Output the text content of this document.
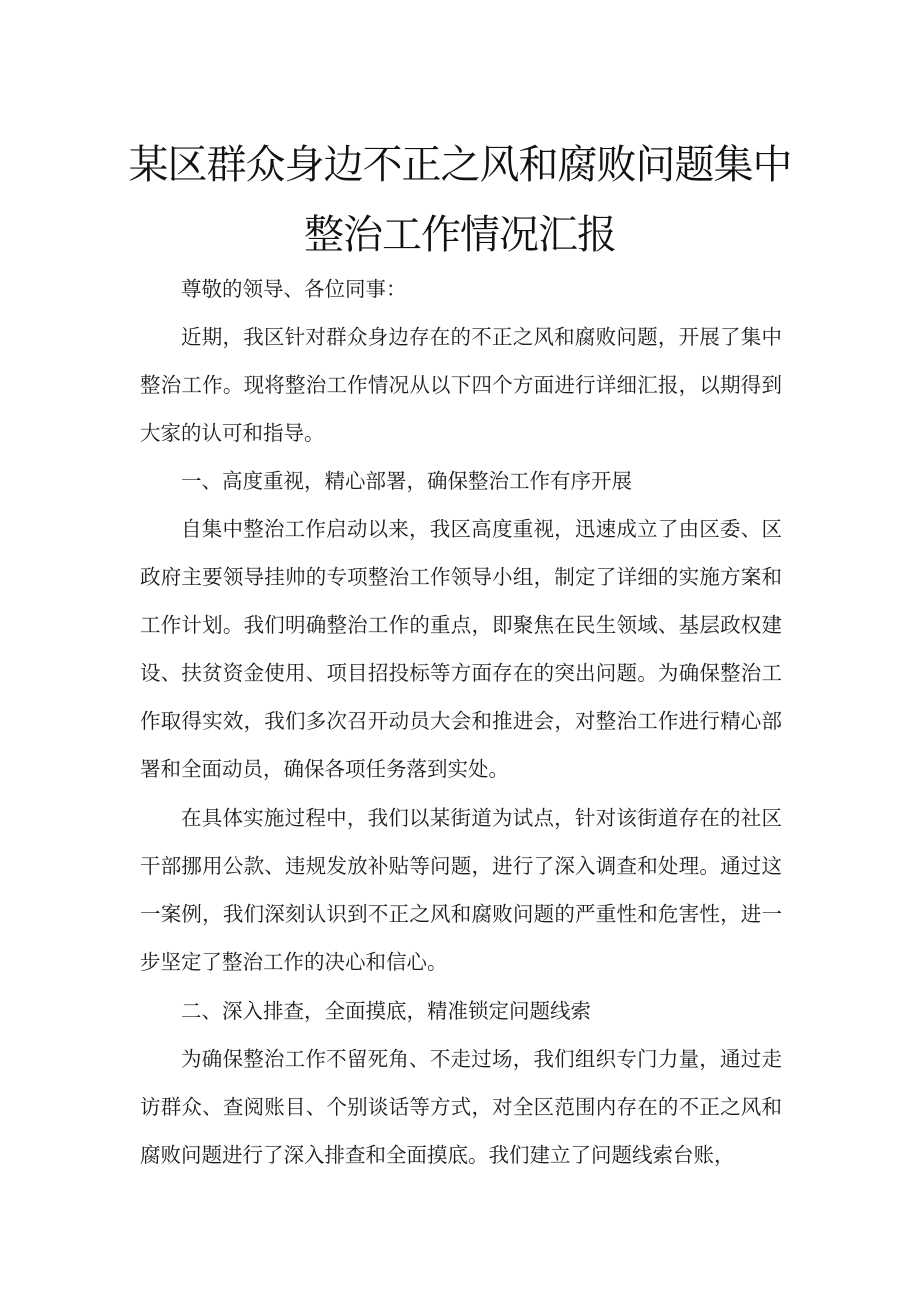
某区群众身边不正之风和腐败问题集中
整治工作情况汇报

尊敬的领导、各位同事：

近期，我区针对群众身边存在的不正之风和腐败问题，开展了集中整治工作。现将整治工作情况从以下四个方面进行详细汇报，以期得到大家的认可和指导。

一、高度重视，精心部署，确保整治工作有序开展

自集中整治工作启动以来，我区高度重视，迅速成立了由区委、区政府主要领导挂帅的专项整治工作领导小组，制定了详细的实施方案和工作计划。我们明确整治工作的重点，即聚焦在民生领域、基层政权建设、扶贫资金使用、项目招投标等方面存在的突出问题。为确保整治工作取得实效，我们多次召开动员大会和推进会，对整治工作进行精心部署和全面动员，确保各项任务落到实处。

在具体实施过程中，我们以某街道为试点，针对该街道存在的社区干部挪用公款、违规发放补贴等问题，进行了深入调查和处理。通过这一案例，我们深刻认识到不正之风和腐败问题的严重性和危害性，进一步坚定了整治工作的决心和信心。

二、深入排查，全面摸底，精准锁定问题线索

为确保整治工作不留死角、不走过场，我们组织专门力量，通过走访群众、查阅账目、个别谈话等方式，对全区范围内存在的不正之风和腐败问题进行了深入排查和全面摸底。我们建立了问题线索台账，
